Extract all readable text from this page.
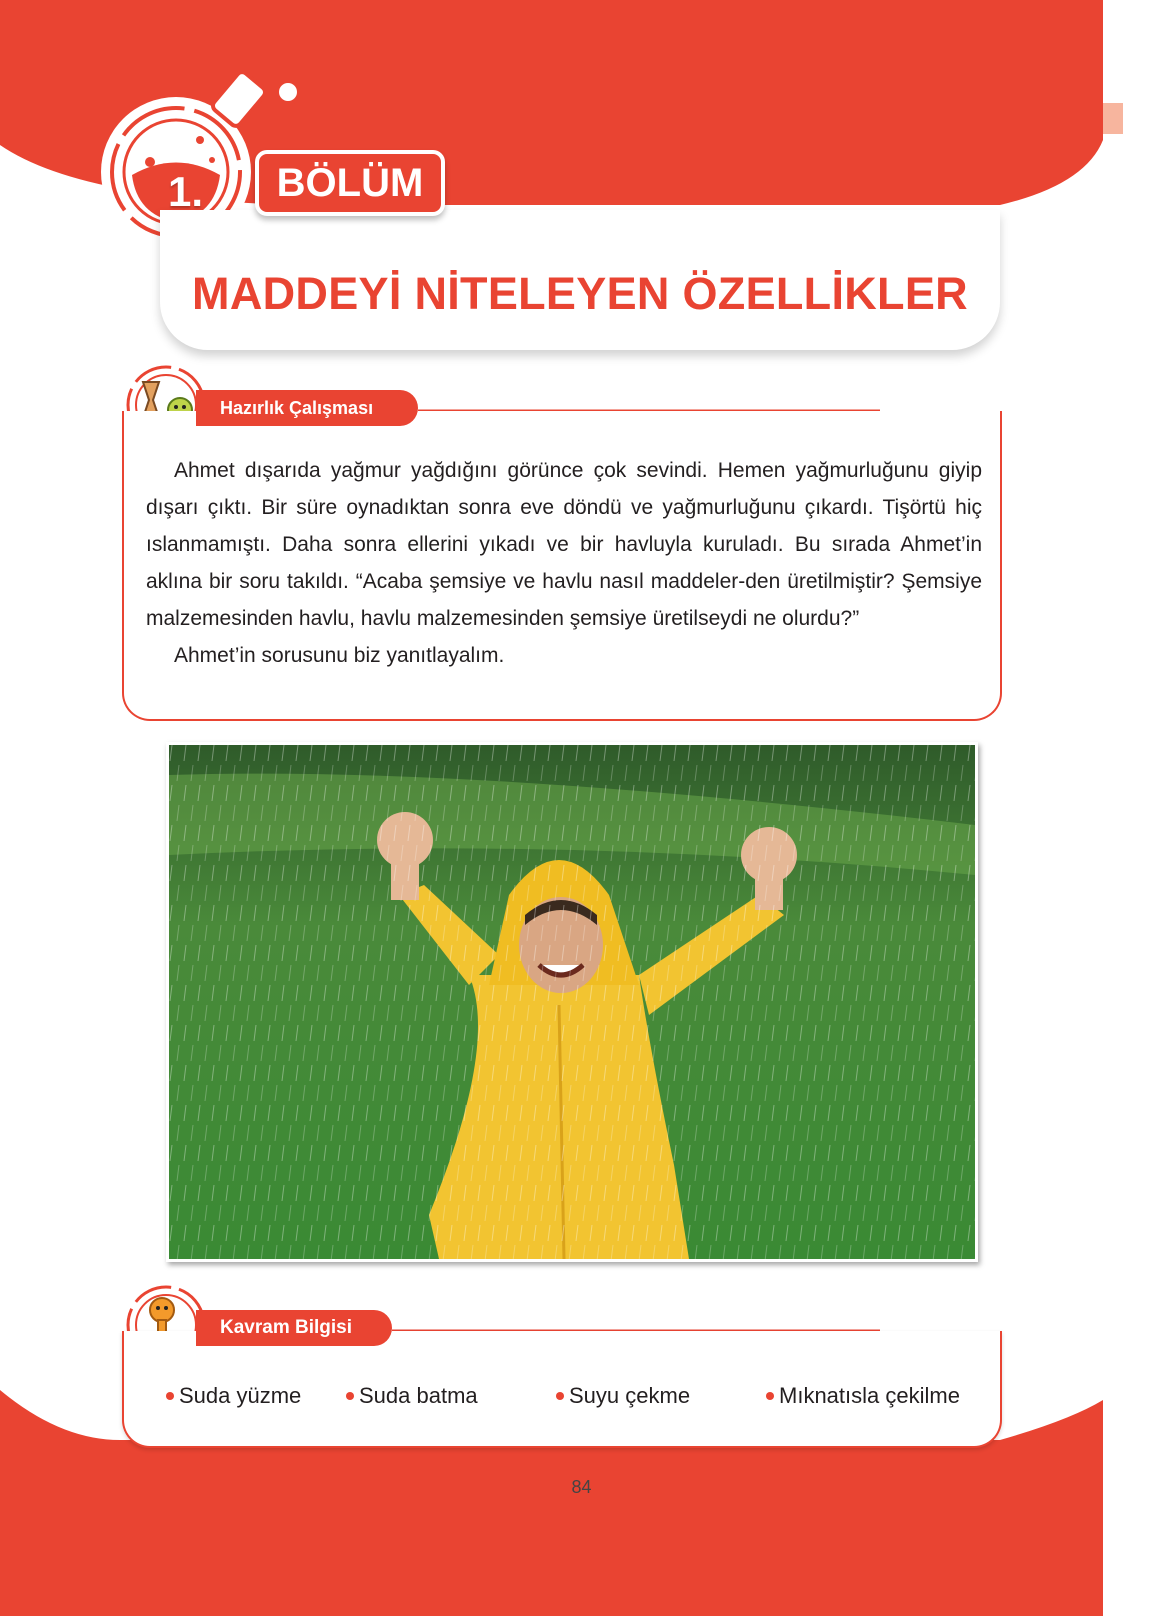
MADDEYİ NİTELEYEN ÖZELLİKLER
BÖLÜM
1.
Hazırlık Çalışması

Ahmet dışarıda yağmur yağdığını görünce çok sevindi. Hemen yağmurluğunu giyip dışarı çıktı. Bir süre oynadıktan sonra eve döndü ve yağmurluğunu çıkardı. Tişörtü hiç ıslanmamıştı. Daha sonra ellerini yıkadı ve bir havluyla kuruladı. Bu sırada Ahmet’in aklına bir soru takıldı. “Acaba şemsiye ve havlu nasıl maddeler-den üretilmiştir? Şemsiye malzemesinden havlu, havlu malzemesinden şemsiye üretilseydi ne olurdu?”

Ahmet’in sorusunu biz yanıtlayalım.

Kavram Bilgisi
Suda yüzme	Suda batma	Suyu çekme	Mıknatısla çekilme
84
